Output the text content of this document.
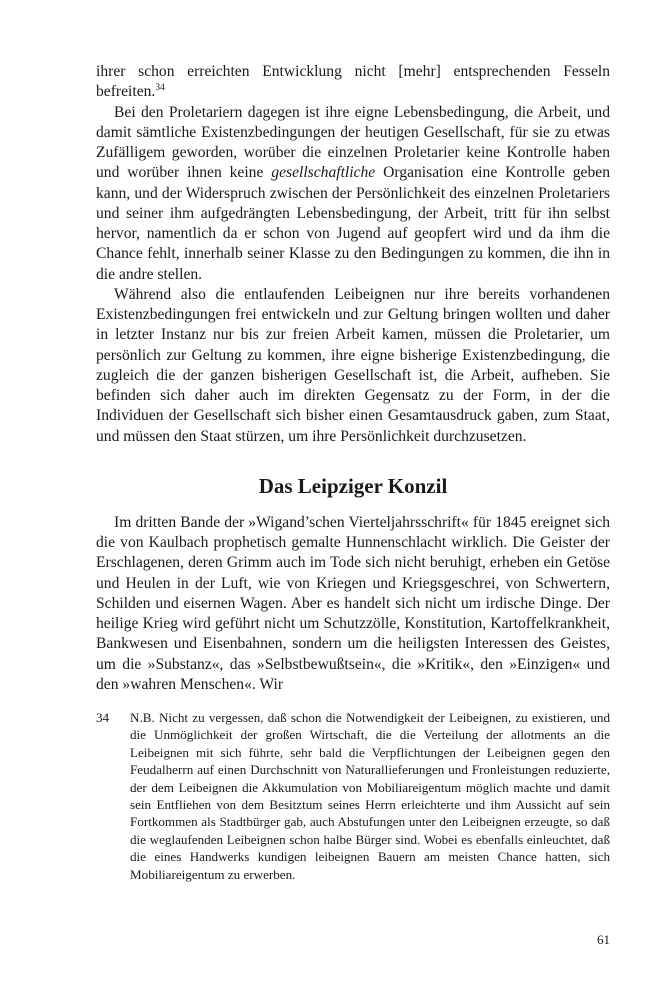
ihrer schon erreichten Entwicklung nicht [mehr] entsprechenden Fesseln befreiten.$^{34}$

Bei den Proletariern dagegen ist ihre eigne Lebensbedingung, die Arbeit, und damit sämtliche Existenzbedingungen der heutigen Gesellschaft, für sie zu etwas Zufälligem geworden, worüber die einzelnen Proletarier keine Kontrolle haben und worüber ihnen keine gesellschaftliche Organisation eine Kontrolle geben kann, und der Widerspruch zwischen der Persönlichkeit des einzelnen Proletariers und seiner ihm aufgedrängten Lebensbedingung, der Arbeit, tritt für ihn selbst hervor, namentlich da er schon von Jugend auf geopfert wird und da ihm die Chance fehlt, innerhalb seiner Klasse zu den Bedingungen zu kommen, die ihn in die andre stellen.

Während also die entlaufenden Leibeignen nur ihre bereits vorhandenen Existenzbedingungen frei entwickeln und zur Geltung bringen wollten und daher in letzter Instanz nur bis zur freien Arbeit kamen, müssen die Proletarier, um persönlich zur Geltung zu kommen, ihre eigne bisherige Existenzbedingung, die zugleich die der ganzen bisherigen Gesellschaft ist, die Arbeit, aufheben. Sie befinden sich daher auch im direkten Gegensatz zu der Form, in der die Individuen der Gesellschaft sich bisher einen Gesamtausdruck gaben, zum Staat, und müssen den Staat stürzen, um ihre Persönlichkeit durchzusetzen.

Das Leipziger Konzil

Im dritten Bande der »Wigand’schen Vierteljahrsschrift« für 1845 ereignet sich die von Kaulbach prophetisch gemalte Hunnenschlacht wirklich. Die Geister der Erschlagenen, deren Grimm auch im Tode sich nicht beruhigt, erheben ein Getöse und Heulen in der Luft, wie von Kriegen und Kriegsgeschrei, von Schwertern, Schilden und eisernen Wagen. Aber es handelt sich nicht um irdische Dinge. Der heilige Krieg wird geführt nicht um Schutzzölle, Konstitution, Kartoffelkrankheit, Bankwesen und Eisenbahnen, sondern um die heiligsten Interessen des Geistes, um die »Substanz«, das »Selbstbewußtsein«, die »Kritik«, den »Einzigen« und den »wahren Menschen«. Wir

34	N.B. Nicht zu vergessen, daß schon die Notwendigkeit der Leibeignen, zu existieren, und die Unmöglichkeit der großen Wirtschaft, die die Verteilung der allotments an die Leibeignen mit sich führte, sehr bald die Verpflichtungen der Leibeignen gegen den Feudalherrn auf einen Durchschnitt von Naturallieferungen und Fronleistungen reduzierte, der dem Leibeignen die Akkumulation von Mobiliareigentum möglich machte und damit sein Entfliehen von dem Besitztum seines Herrn erleichterte und ihm Aussicht auf sein Fortkommen als Stadtbürger gab, auch Abstufungen unter den Leibeignen erzeugte, so daß die weglaufenden Leibeignen schon halbe Bürger sind. Wobei es ebenfalls einleuchtet, daß die eines Handwerks kundigen leibeignen Bauern am meisten Chance hatten, sich Mobiliareigentum zu erwerben.
61
